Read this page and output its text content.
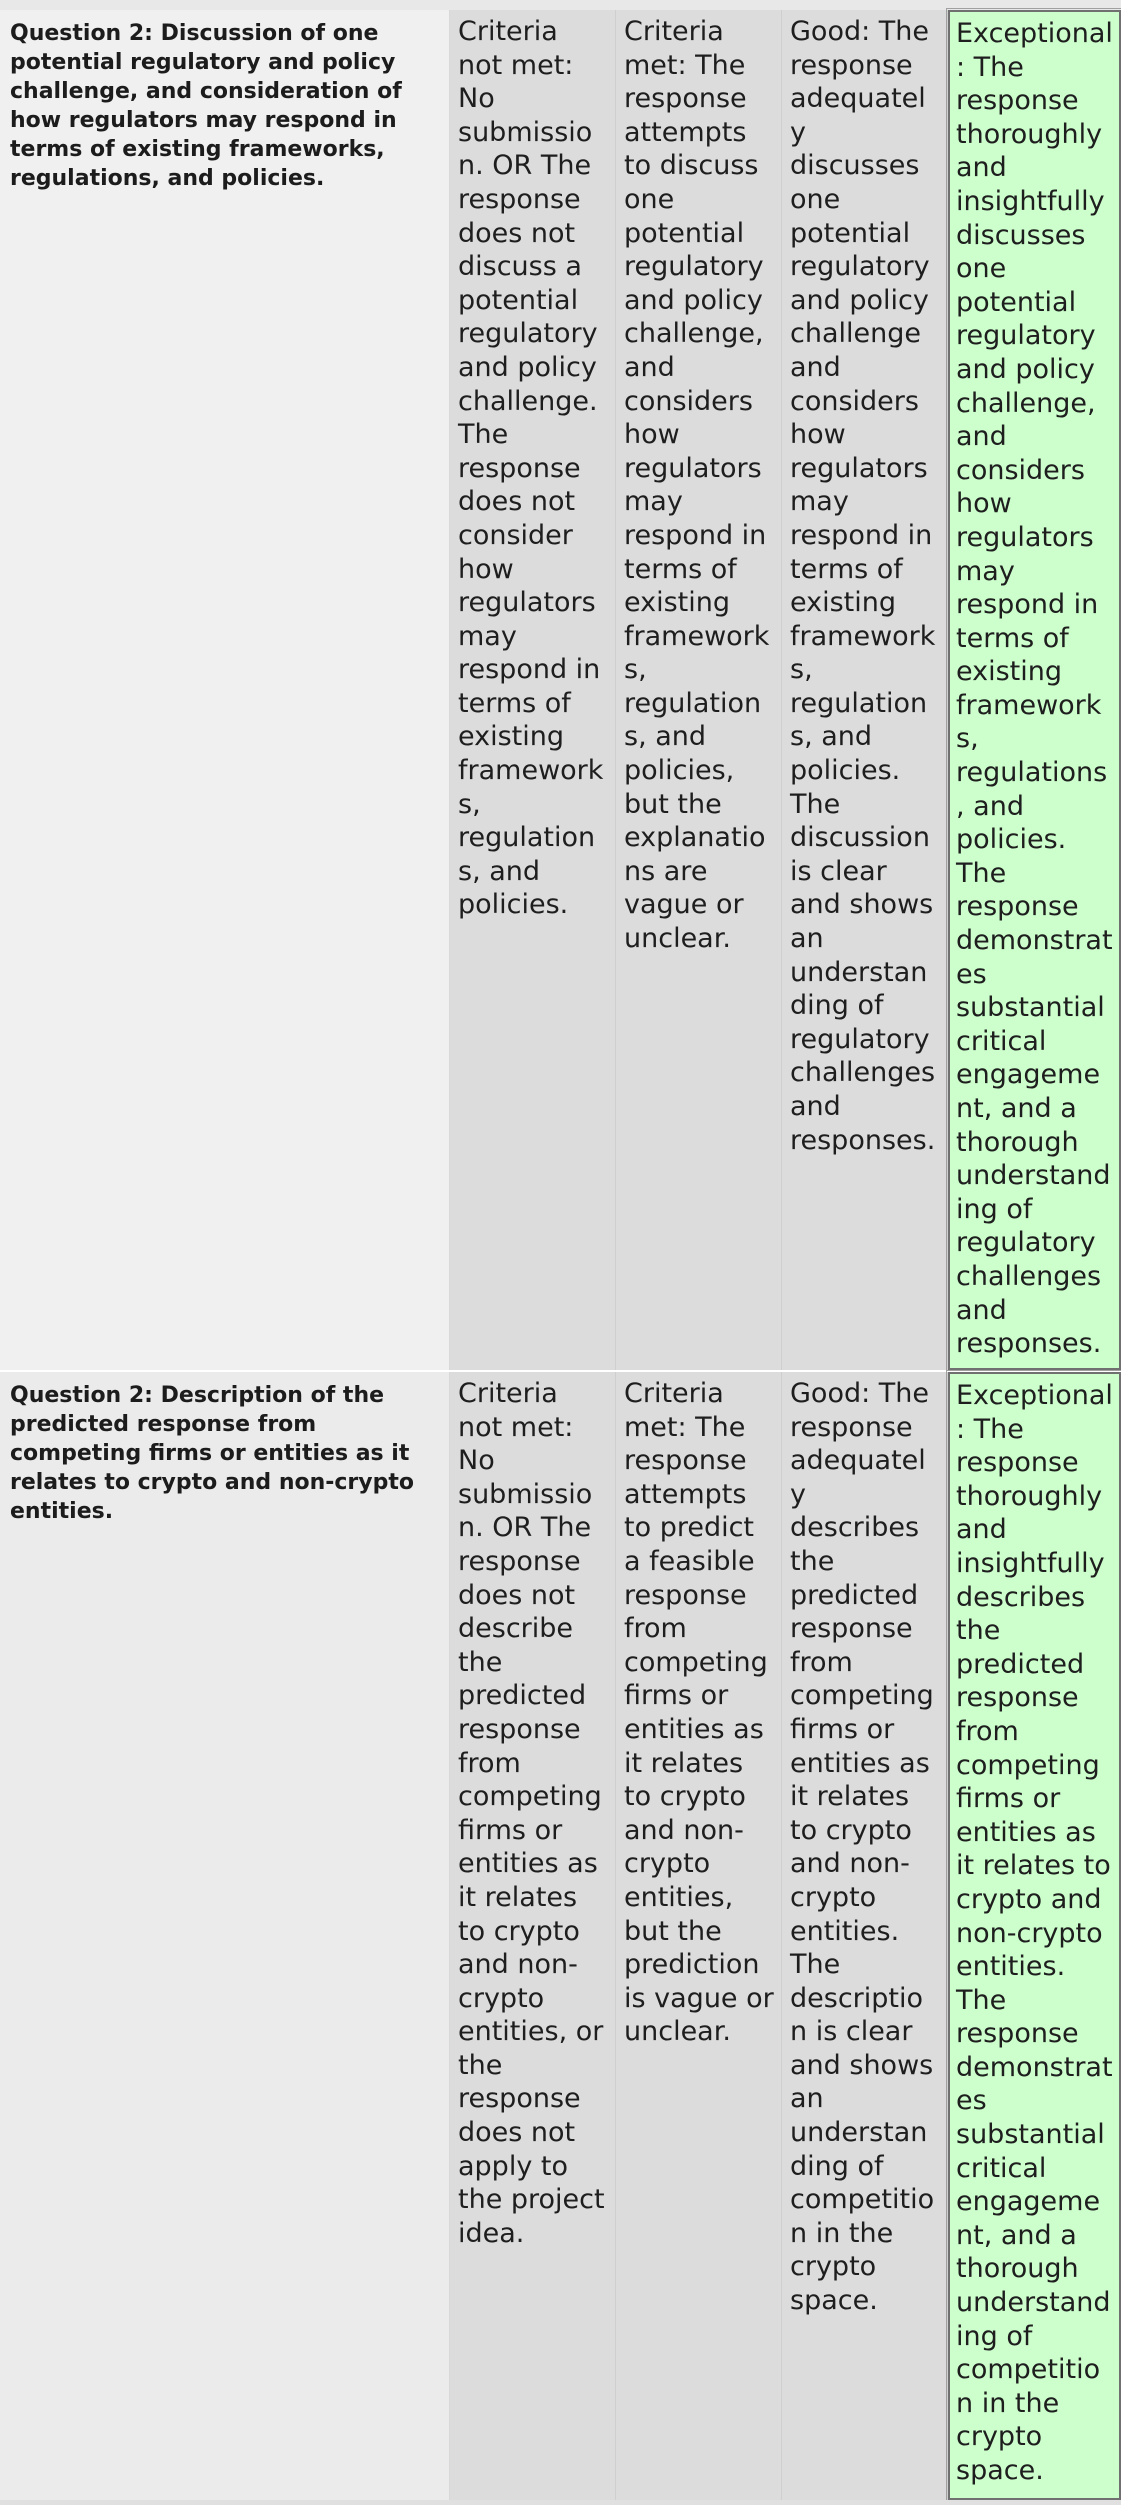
Question 2: Discussion of one potential regulatory and policy challenge, and consideration of how regulators may respond in terms of existing frameworks, regulations, and policies.
Criteria not met: No submission. OR The response does not discuss a potential regulatory and policy challenge. The response does not consider how regulators may respond in terms of existing frameworks, regulations, and policies.
Criteria met: The response attempts to discuss one potential regulatory and policy challenge, and considers how regulators may respond in terms of existing frameworks, regulations, and policies, but the explanations are vague or unclear.
Good: The response adequately discusses one potential regulatory and policy challenge and considers how regulators may respond in terms of existing frameworks, regulations, and policies. The discussion is clear and shows an understanding of regulatory challenges and responses.
Exceptional: The response thoroughly and insightfully discusses one potential regulatory and policy challenge, and considers how regulators may respond in terms of existing frameworks, regulations, and policies. The response demonstrates substantial critical engagement, and a thorough understanding of regulatory challenges and responses.
Question 2: Description of the predicted response from competing firms or entities as it relates to crypto and non-crypto entities.
Criteria not met: No submission. OR The response does not describe the predicted response from competing firms or entities as it relates to crypto and non-crypto entities, or the response does not apply to the project idea.
Criteria met: The response attempts to predict a feasible response from competing firms or entities as it relates to crypto and non-crypto entities, but the prediction is vague or unclear.
Good: The response adequately describes the predicted response from competing firms or entities as it relates to crypto and non-crypto entities. The description is clear and shows an understanding of competition in the crypto space.
Exceptional: The response thoroughly and insightfully describes the predicted response from competing firms or entities as it relates to crypto and non-crypto entities. The response demonstrates substantial critical engagement, and a thorough understanding of competition in the crypto space.
